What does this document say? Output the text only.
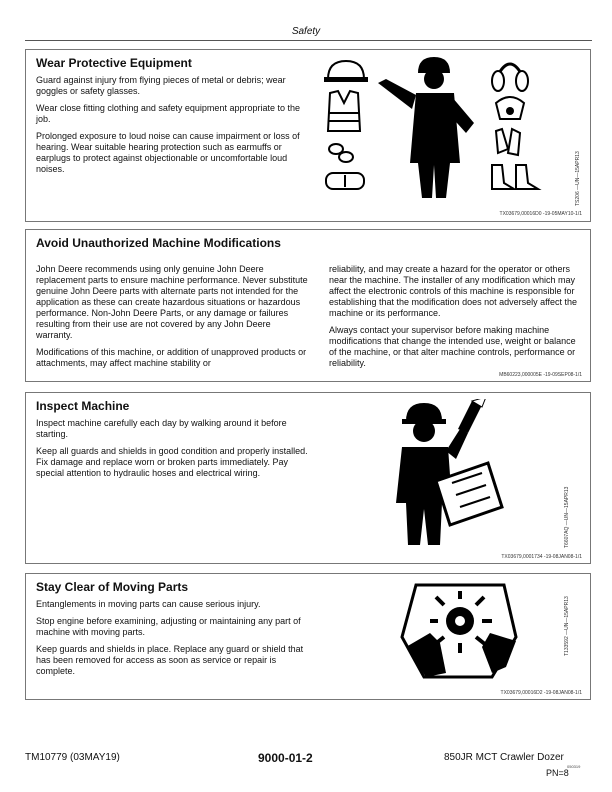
Safety
Wear Protective Equipment

Guard against injury from flying pieces of metal or debris; wear goggles or safety glasses.

Wear close fitting clothing and safety equipment appropriate to the job.

Prolonged exposure to loud noise can cause impairment or loss of hearing. Wear suitable hearing protection such as earmuffs or earplugs to protect against objectionable or uncomfortable loud noises.	TS206 —UN—15APR13
TX03679,00016D0 -19-05MAY10-1/1
Avoid Unauthorized Machine Modifications

John Deere recommends using only genuine John Deere replacement parts to ensure machine performance. Never substitute genuine John Deere parts with alternate parts not intended for the application as these can create hazardous situations or hazardous performance. Non-John Deere Parts, or any damage or failures resulting from their use are not covered by any John Deere warranty.

Modifications of this machine, or addition of unapproved products or attachments, may affect machine stability or

reliability, and may create a hazard for the operator or others near the machine. The installer of any modification which may affect the electronic controls of this machine is responsible for establishing that the modification does not adversely affect the machine or its performance.

Always contact your supervisor before making machine modifications that change the intended use, weight or balance of the machine, or that alter machine controls, performance or reliability.

MB60223,000005E -19-09SEP08-1/1
Inspect Machine

Inspect machine carefully each day by walking around it before starting.

Keep all guards and shields in good condition and properly installed. Fix damage and replace worn or broken parts immediately. Pay special attention to hydraulic hoses and electrical wiring.

T6607AQ —UN—15APR13
TX03679,0001734 -19-08JAN08-1/1
Stay Clear of Moving Parts

Entanglements in moving parts can cause serious injury.

Stop engine before examining, adjusting or maintaining any part of machine with moving parts.

Keep guards and shields in place. Replace any guard or shield that has been removed for access as soon as service or repair is complete.

T133592 —UN—15APR13
TX03679,00016D2 -19-08JAN08-1/1
TM10779 (03MAY19)	9000-01-2	850JR MCT Crawler Dozer
050319
PN=8
